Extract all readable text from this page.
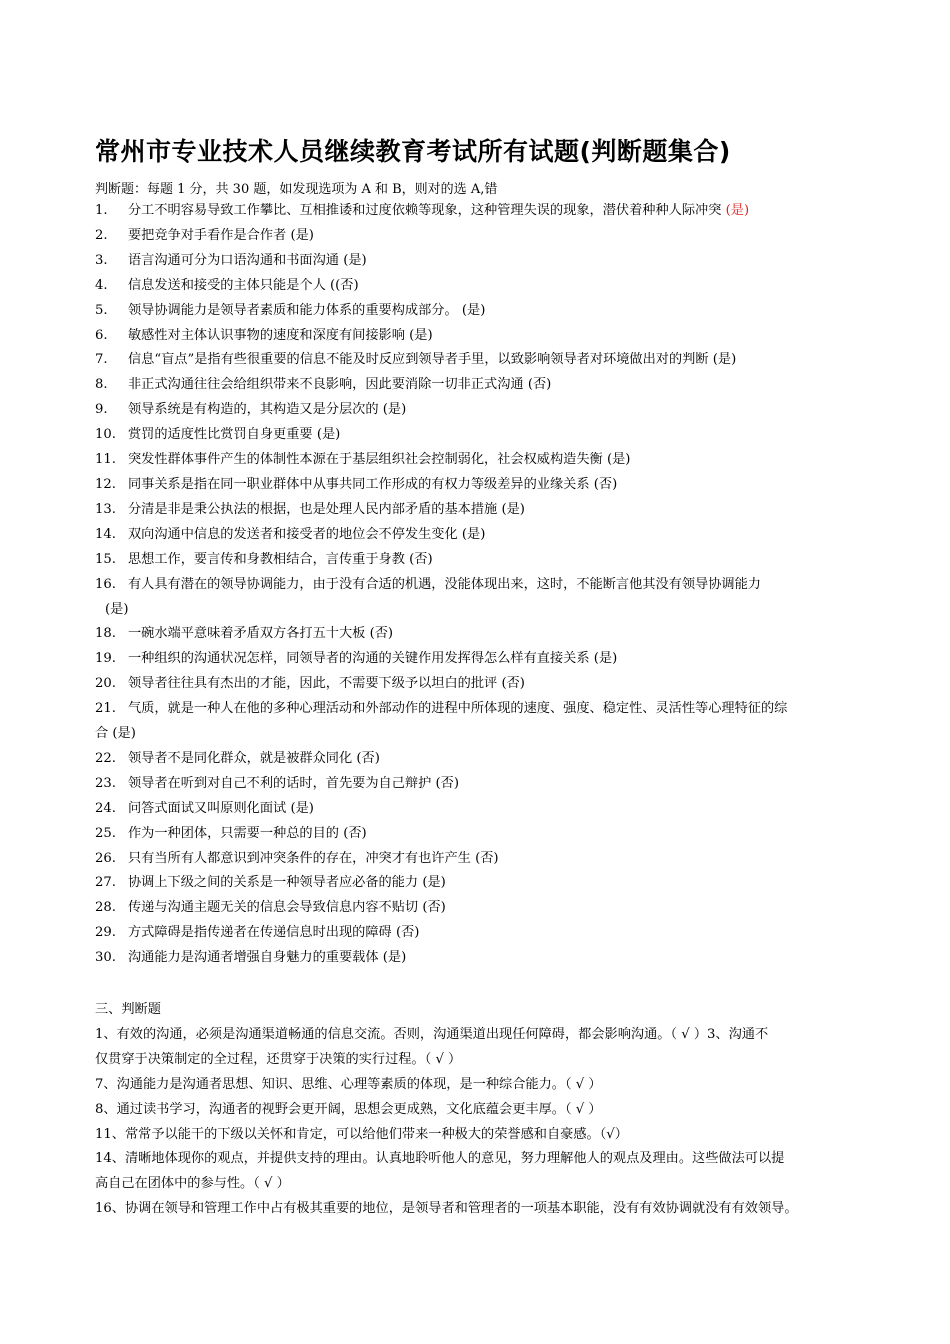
常州市专业技术人员继续教育考试所有试题(判断题集合)
判断题：每题 1 分，共 30 题，如发现选项为 A 和 B，则对的选 A,错
1. 分工不明容易导致工作攀比、互相推诿和过度依赖等现象，这种管理失误的现象，潜伏着种种人际冲突 (是)
2. 要把竞争对手看作是合作者 (是)
3. 语言沟通可分为口语沟通和书面沟通 (是)
4. 信息发送和接受的主体只能是个人 ((否)
5. 领导协调能力是领导者素质和能力体系的重要构成部分。 (是)
6. 敏感性对主体认识事物的速度和深度有间接影响 (是)
7. 信息“盲点”是指有些很重要的信息不能及时反应到领导者手里，以致影响领导者对环境做出对的判断 (是)
8. 非正式沟通往往会给组织带来不良影响，因此要消除一切非正式沟通 (否)
9. 领导系统是有构造的，其构造又是分层次的 (是)
10. 赏罚的适度性比赏罚自身更重要 (是)
11. 突发性群体事件产生的体制性本源在于基层组织社会控制弱化，社会权威构造失衡 (是)
12. 同事关系是指在同一职业群体中从事共同工作形成的有权力等级差异的业缘关系 (否)
13. 分清是非是秉公执法的根据，也是处理人民内部矛盾的基本措施 (是)
14. 双向沟通中信息的发送者和接受者的地位会不停发生变化 (是)
15. 思想工作，要言传和身教相结合，言传重于身教 (否)
16. 有人具有潜在的领导协调能力，由于没有合适的机遇，没能体现出来，这时，不能断言他其没有领导协调能力
(是)
18. 一碗水端平意味着矛盾双方各打五十大板 (否)
19. 一种组织的沟通状况怎样，同领导者的沟通的关键作用发挥得怎么样有直接关系 (是)
20. 领导者往往具有杰出的才能，因此，不需要下级予以坦白的批评 (否)
21. 气质，就是一种人在他的多种心理活动和外部动作的进程中所体现的速度、强度、稳定性、灵活性等心理特征的综
合 (是)
22. 领导者不是同化群众，就是被群众同化 (否)
23. 领导者在听到对自己不利的话时，首先要为自己辩护 (否)
24. 问答式面试又叫原则化面试 (是)
25. 作为一种团体，只需要一种总的目的 (否)
26. 只有当所有人都意识到冲突条件的存在，冲突才有也许产生 (否)
27. 协调上下级之间的关系是一种领导者应必备的能力 (是)
28. 传递与沟通主题无关的信息会导致信息内容不贴切 (否)
29. 方式障碍是指传递者在传递信息时出现的障碍 (否)
30. 沟通能力是沟通者增强自身魅力的重要载体 (是)
三、判断题
1、有效的沟通，必须是沟通渠道畅通的信息交流。否则，沟通渠道出现任何障碍，都会影响沟通。（ √ ）3、沟通不
仅贯穿于决策制定的全过程，还贯穿于决策的实行过程。（ √ ）
7、沟通能力是沟通者思想、知识、思维、心理等素质的体现，是一种综合能力。（ √ ）
8、通过读书学习，沟通者的视野会更开阔，思想会更成熟，文化底蕴会更丰厚。（ √ ）
11、常常予以能干的下级以关怀和肯定，可以给他们带来一种极大的荣誉感和自豪感。（√）
14、清晰地体现你的观点，并提供支持的理由。认真地聆听他人的意见，努力理解他人的观点及理由。这些做法可以提
高自己在团体中的参与性。（ √ ）
16、协调在领导和管理工作中占有极其重要的地位，是领导者和管理者的一项基本职能，没有有效协调就没有有效领导。
